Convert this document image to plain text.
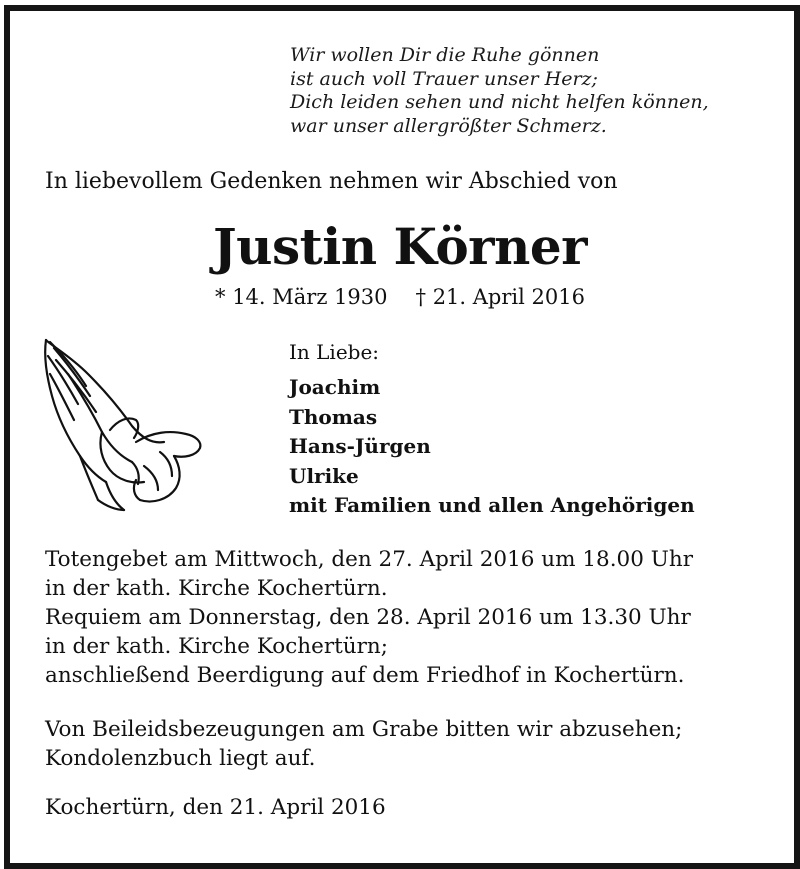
Wir wollen Dir die Ruhe gönnen
ist auch voll Trauer unser Herz;
Dich leiden sehen und nicht helfen können,
war unser allergrößter Schmerz.

In liebevollem Gedenken nehmen wir Abschied von

Justin Körner

* 14. März 1930 † 21. April 2016

In Liebe:

Joachim
Thomas
Hans-Jürgen
Ulrike
mit Familien und allen Angehörigen
Totengebet am Mittwoch, den 27. April 2016 um 18.00 Uhr
in der kath. Kirche Kochertürn.
Requiem am Donnerstag, den 28. April 2016 um 13.30 Uhr
in der kath. Kirche Kochertürn;
anschließend Beerdigung auf dem Friedhof in Kochertürn.
Von Beileidsbezeugungen am Grabe bitten wir abzusehen;
Kondolenzbuch liegt auf.

Kochertürn, den 21. April 2016
